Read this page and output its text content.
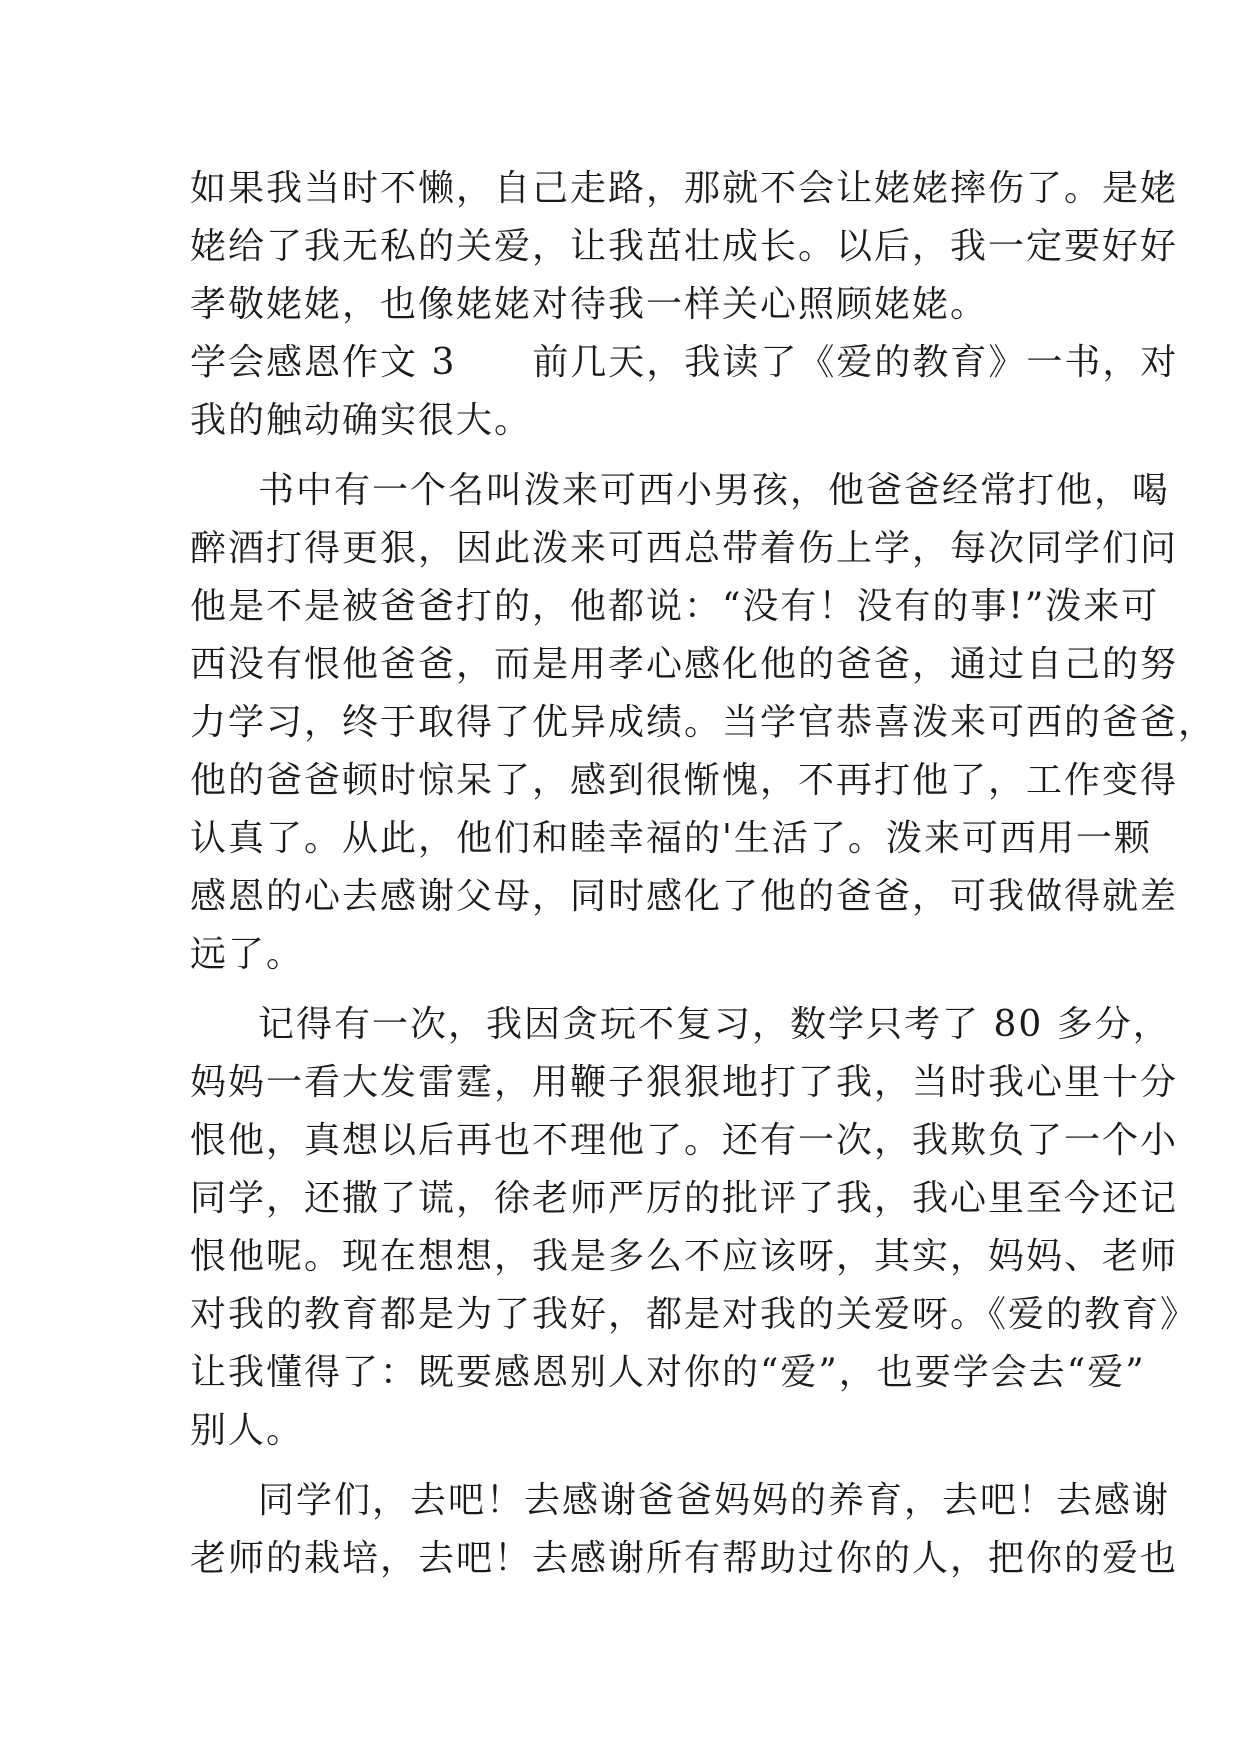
如果我当时不懒，自己走路，那就不会让姥姥摔伤了。是姥
姥给了我无私的关爱，让我茁壮成长。以后，我一定要好好
孝敬姥姥，也像姥姥对待我一样关心照顾姥姥。
学会感恩作文 3　　前几天，我读了《爱的教育》一书，对
我的触动确实很大。
书中有一个名叫泼来可西小男孩，他爸爸经常打他，喝
醉酒打得更狠，因此泼来可西总带着伤上学，每次同学们问
他是不是被爸爸打的，他都说：“没有！没有的事!”泼来可
西没有恨他爸爸，而是用孝心感化他的爸爸，通过自己的努
力学习，终于取得了优异成绩。当学官恭喜泼来可西的爸爸，
他的爸爸顿时惊呆了，感到很惭愧，不再打他了，工作变得
认真了。从此，他们和睦幸福的'生活了。泼来可西用一颗
感恩的心去感谢父母，同时感化了他的爸爸，可我做得就差
远了。
记得有一次，我因贪玩不复习，数学只考了 80 多分，
妈妈一看大发雷霆，用鞭子狠狠地打了我，当时我心里十分
恨他，真想以后再也不理他了。还有一次，我欺负了一个小
同学，还撒了谎，徐老师严厉的批评了我，我心里至今还记
恨他呢。现在想想，我是多么不应该呀，其实，妈妈、老师
对我的教育都是为了我好，都是对我的关爱呀。《爱的教育》
让我懂得了：既要感恩别人对你的“爱”，也要学会去“爱”
别人。
同学们，去吧！去感谢爸爸妈妈的养育，去吧！去感谢
老师的栽培，去吧！去感谢所有帮助过你的人，把你的爱也
